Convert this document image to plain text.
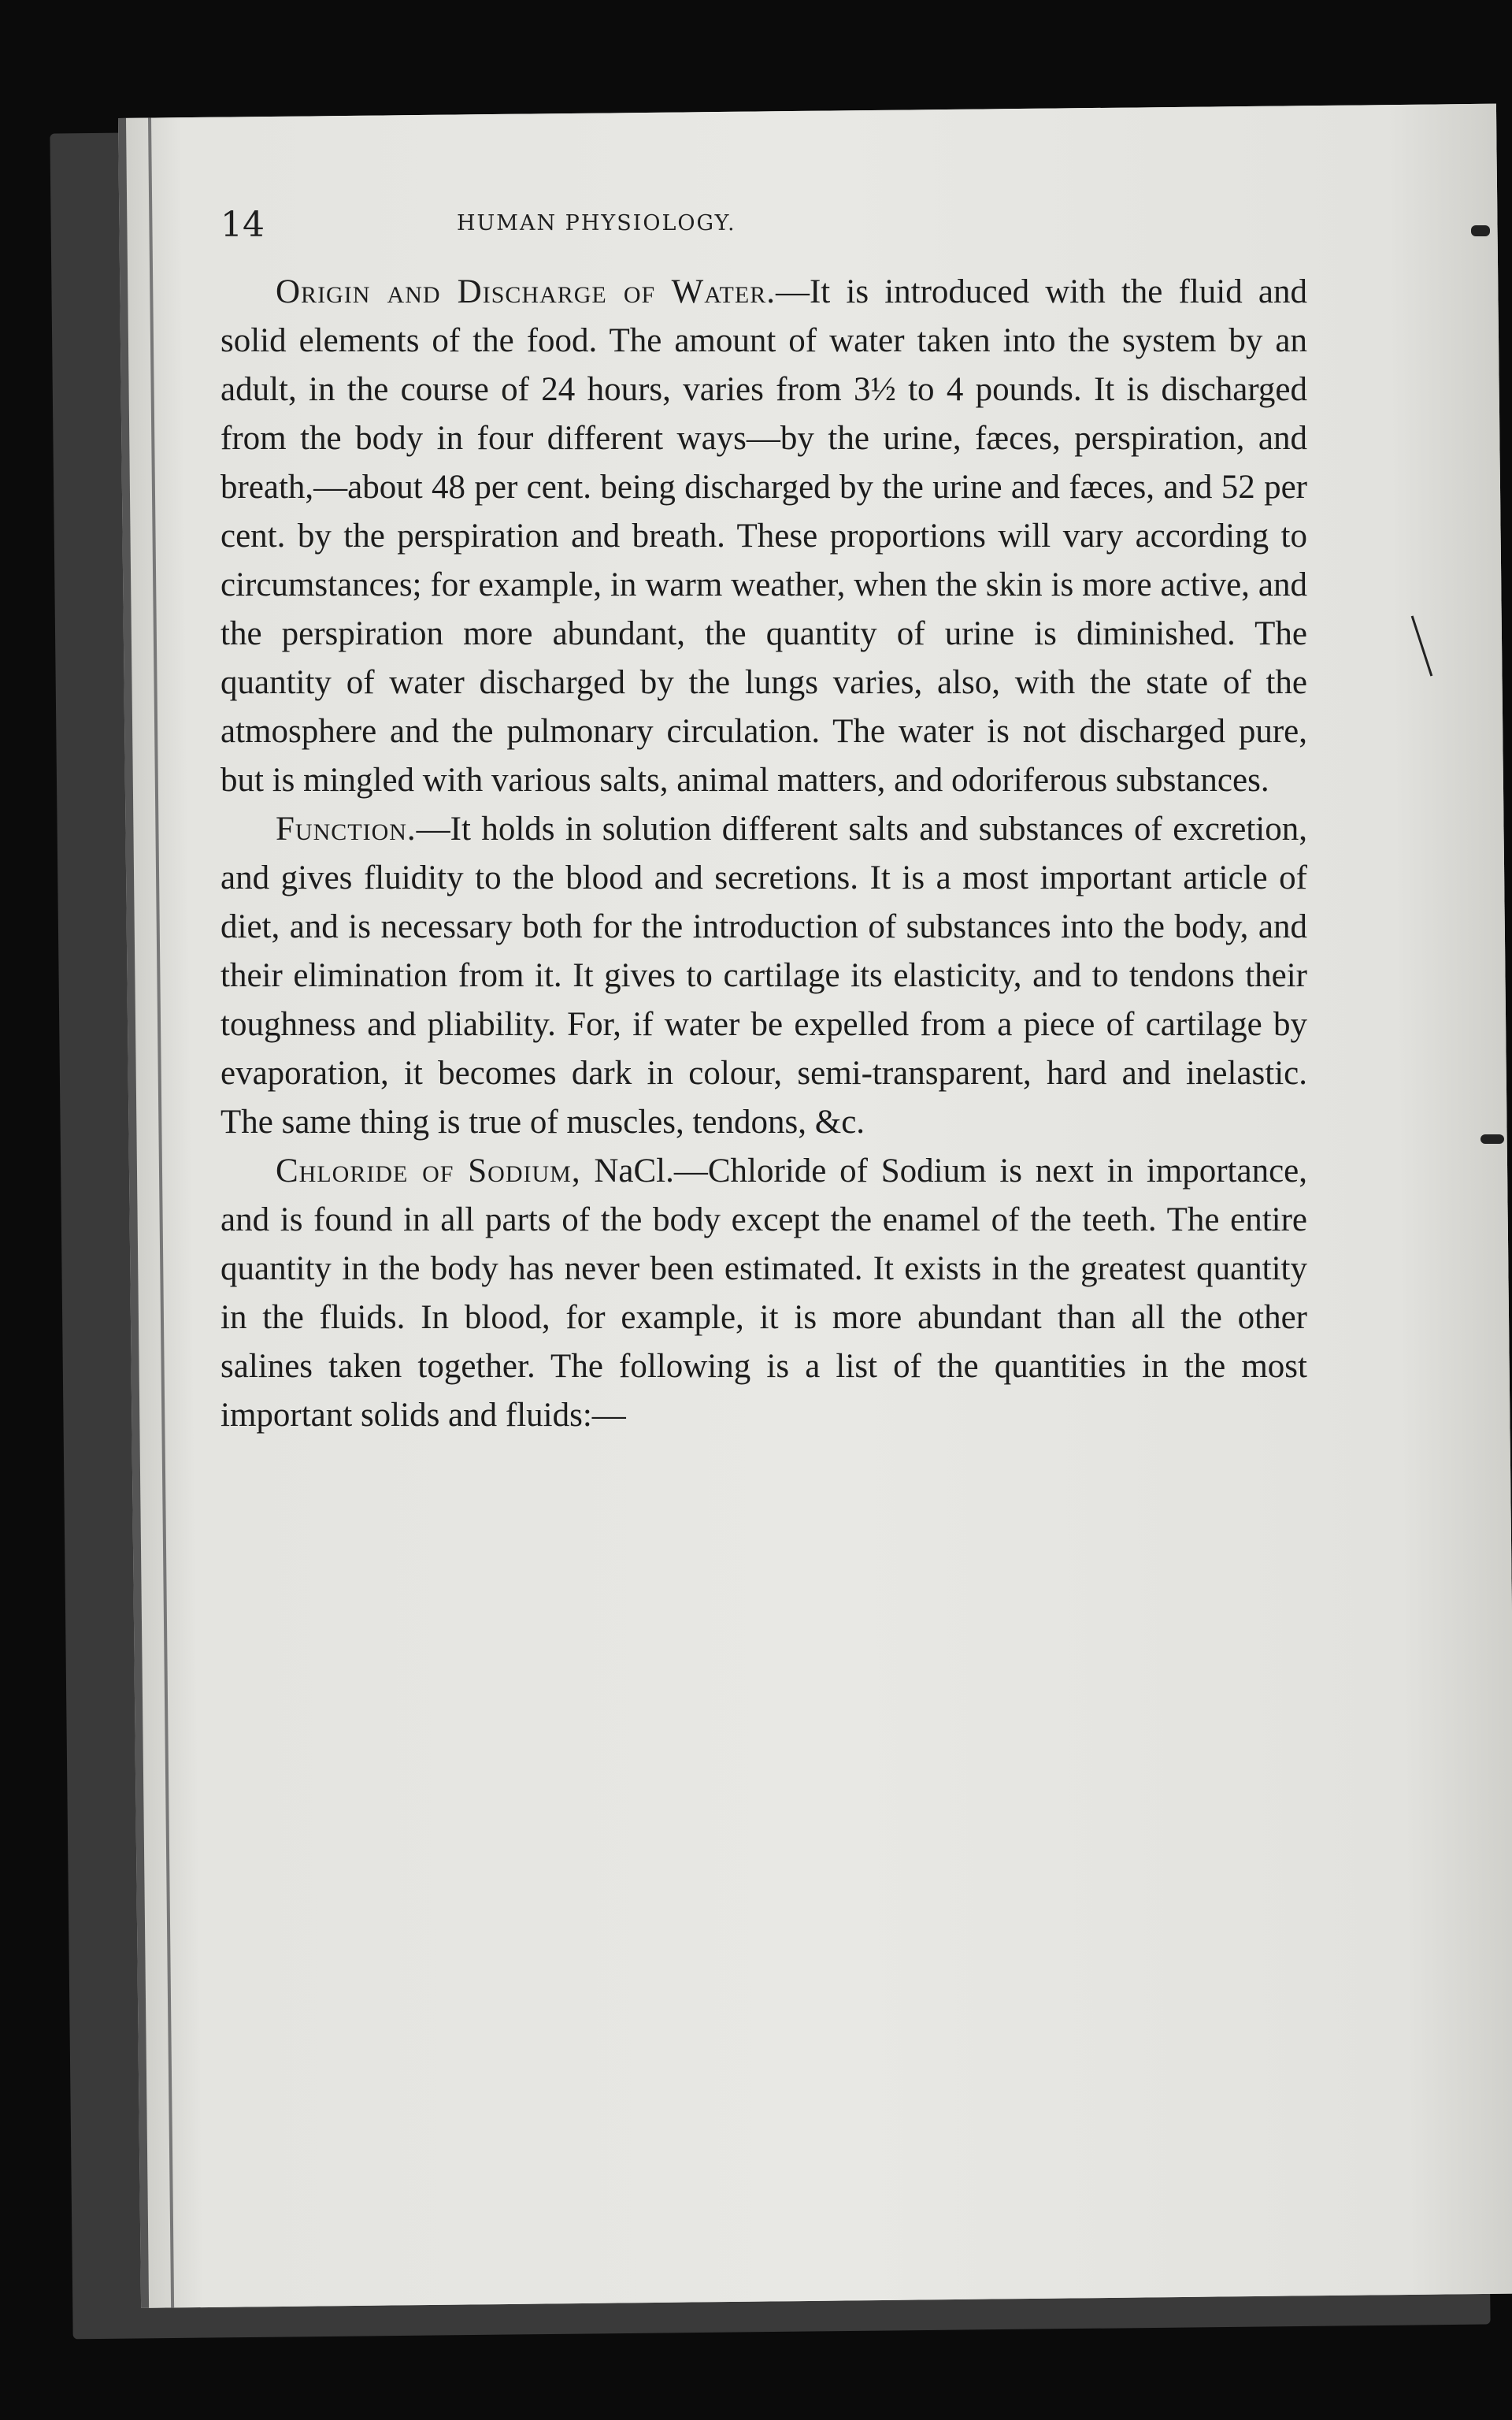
14	HUMAN PHYSIOLOGY.

Origin and Discharge of Water.—It is introduced with the fluid and solid elements of the food. The amount of water taken into the system by an adult, in the course of 24 hours, varies from 3½ to 4 pounds. It is discharged from the body in four different ways—by the urine, fæces, perspiration, and breath,—about 48 per cent. being discharged by the urine and fæces, and 52 per cent. by the perspiration and breath. These proportions will vary according to circumstances; for example, in warm weather, when the skin is more active, and the perspiration more abundant, the quantity of urine is diminished. The quantity of water discharged by the lungs varies, also, with the state of the atmosphere and the pulmonary circulation. The water is not discharged pure, but is mingled with various salts, animal matters, and odoriferous substances.

Function.—It holds in solution different salts and substances of excretion, and gives fluidity to the blood and secretions. It is a most important article of diet, and is necessary both for the introduction of substances into the body, and their elimination from it. It gives to cartilage its elasticity, and to tendons their toughness and pliability. For, if water be expelled from a piece of cartilage by evaporation, it becomes dark in colour, semi-transparent, hard and inelastic. The same thing is true of muscles, tendons, &c.

Chloride of Sodium, NaCl.—Chloride of Sodium is next in importance, and is found in all parts of the body except the enamel of the teeth. The entire quantity in the body has never been estimated. It exists in the greatest quantity in the fluids. In blood, for example, it is more abundant than all the other salines taken together. The following is a list of the quantities in the most important solids and fluids:—
